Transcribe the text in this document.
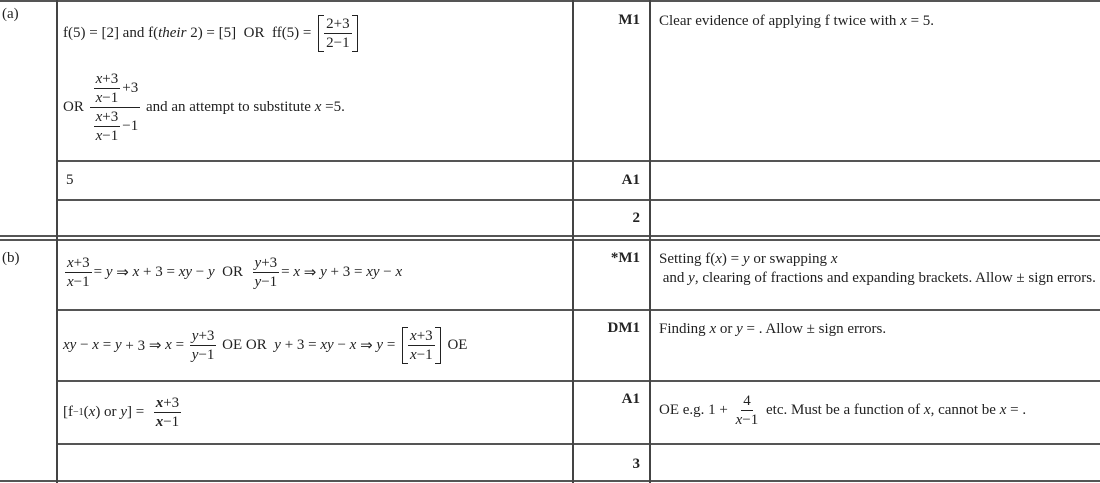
(a)
f(5) = [2] and f( their 2) = [5]  OR  $ff(5) = \frac{2+3}{2-1}$
OR $\frac{\frac{x +3}{x -1} +3}{\frac{x +3}{x -1} -1}$ and an attempt to substitute x =5.
5
M1
A1
2
Clear evidence of applying f twice with x = 5.
(b)	$\frac{x +3}{x -1} = y$ ⇒ x + 3 = xy − y OR $\frac{y +3}{y -1} = x$ ⇒ y + 3 = xy − x
xy − x = y + 3 ⇒ $x = \frac{y +3}{y -1}$ OE OR y + 3 = xy − x ⇒ $y = \frac{x +3}{x -1}$ OE
[f −1 ( x ) or y ] = $\frac{x +3}{x -1}$
*M1
DM1
A1
3
Setting f(x) = y or swapping x and y, clearing of fractions and expanding brackets. Allow ± sign errors.
Finding x or y = . Allow ± sign errors.
OE e.g. $1 + \frac{4}{x -1}$ etc. Must be a function of x , cannot be x = .
